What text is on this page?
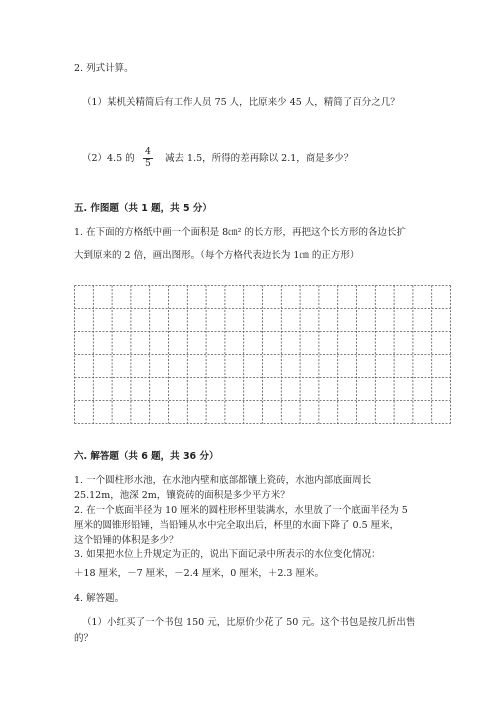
2. 列式计算。
（1）某机关精简后有工作人员 75 人，比原来少 45 人，精简了百分之几？
（2）4.5 的
4
5	减去 1.5，所得的差再除以 2.1，商是多少？
五. 作图题（共 1 题，共 5 分）
1. 在下面的方格纸中画一个面积是 8㎝² 的长方形，再把这个长方形的各边长扩
大到原来的 2 倍，画出图形。（每个方格代表边长为 1㎝ 的正方形）
六. 解答题（共 6 题，共 36 分）
1. 一个圆柱形水池，在水池内壁和底部都镶上瓷砖，水池内部底面周长
25.12m，池深 2m，镶瓷砖的面积是多少平方米？
2. 在一个底面半径为 10 厘米的圆柱形杯里装满水，水里放了一个底面半径为 5
厘米的圆锥形铅锤，当铅锤从水中完全取出后，杯里的水面下降了 0.5 厘米，
这个铅锤的体积是多少？
3. 如果把水位上升规定为正的，说出下面记录中所表示的水位变化情况：
＋18 厘米，－7 厘米，－2.4 厘米，0 厘米，＋2.3 厘米。
4. 解答题。
（1）小红买了一个书包 150 元，比原价少花了 50 元。这个书包是按几折出售
的？
